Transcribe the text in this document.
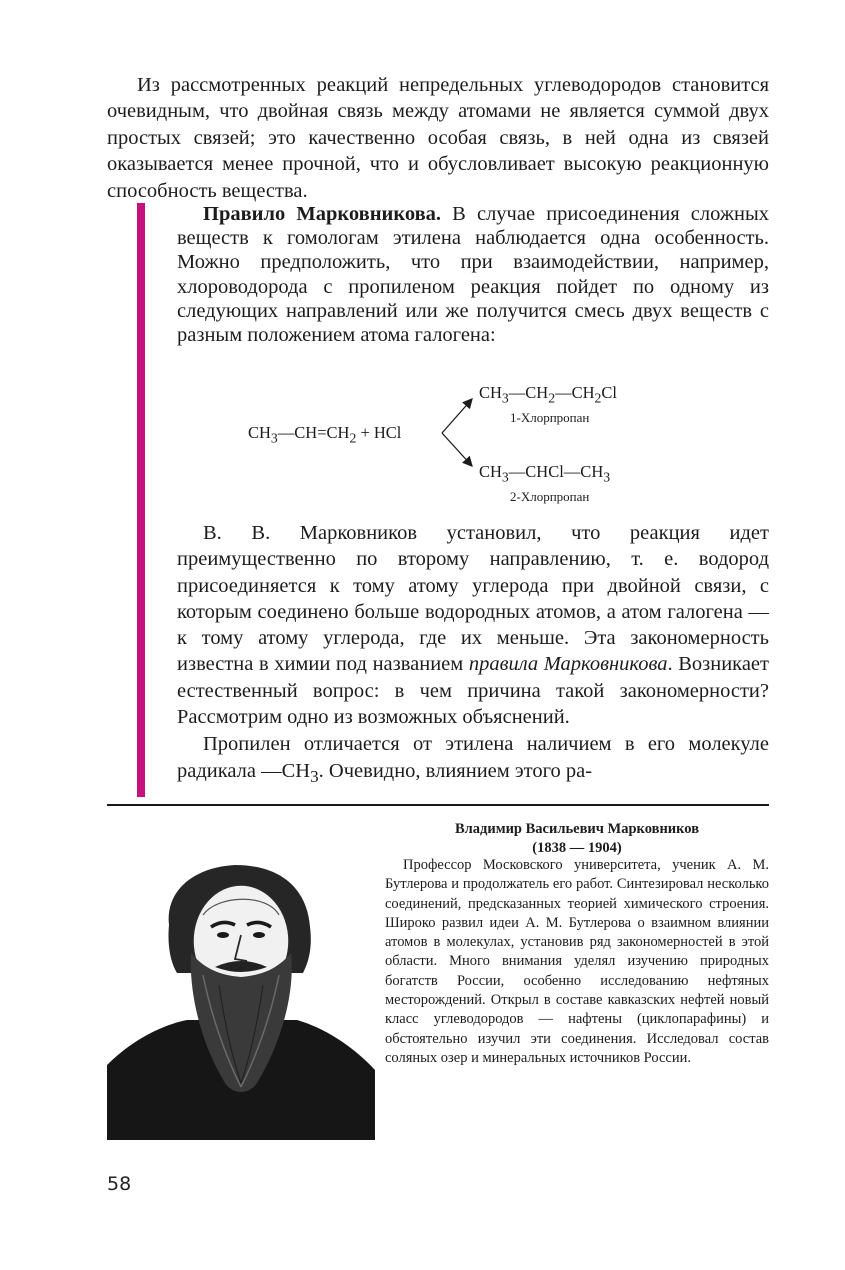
Из рассмотренных реакций непредельных углеводородов становится очевидным, что двойная связь между атомами не является суммой двух простых связей; это качественно особая связь, в ней одна из связей оказывается менее прочной, что и обусловливает высокую реакционную способность вещества.

Правило Марковникова. В случае присоединения сложных веществ к гомологам этилена наблюдается одна особенность. Можно предположить, что при взаимодействии, например, хлороводорода с пропиленом реакция пойдет по одному из следующих направлений или же получится смесь двух веществ с разным положением атома галогена:

$CH_3—CH=CH_2$ + HCl
$CH_3—CH_2—CH_2Cl$
1-Хлорпропан
$CH_3—CHCl—CH_3$
2-Хлорпропан

В. В. Марковников установил, что реакция идет преимущественно по второму направлению, т. е. водород присоединяется к тому атому углерода при двойной связи, с которым соединено больше водородных атомов, а атом галогена — к тому атому углерода, где их меньше. Эта закономерность известна в химии под названием правила Марковникова. Возникает естественный вопрос: в чем причина такой закономерности? Рассмотрим одно из возможных объяснений.

Пропилен отличается от этилена наличием в его молекуле радикала $—CH_3$. Очевидно, влиянием этого ра-

Владимир Васильевич Марковников
(1838 — 1904)

Профессор Московского университета, ученик А. М. Бутлерова и продолжатель его работ. Синтезировал несколько соединений, предсказанных теорией химического строения. Широко развил идеи А. М. Бутлерова о взаимном влиянии атомов в молекулах, установив ряд закономерностей в этой области. Много внимания уделял изучению природных богатств России, особенно исследованию нефтяных месторождений. Открыл в составе кавказских нефтей новый класс углеводородов — нафтены (циклопарафины) и обстоятельно изучил эти соединения. Исследовал состав соляных озер и минеральных источников России.

58
